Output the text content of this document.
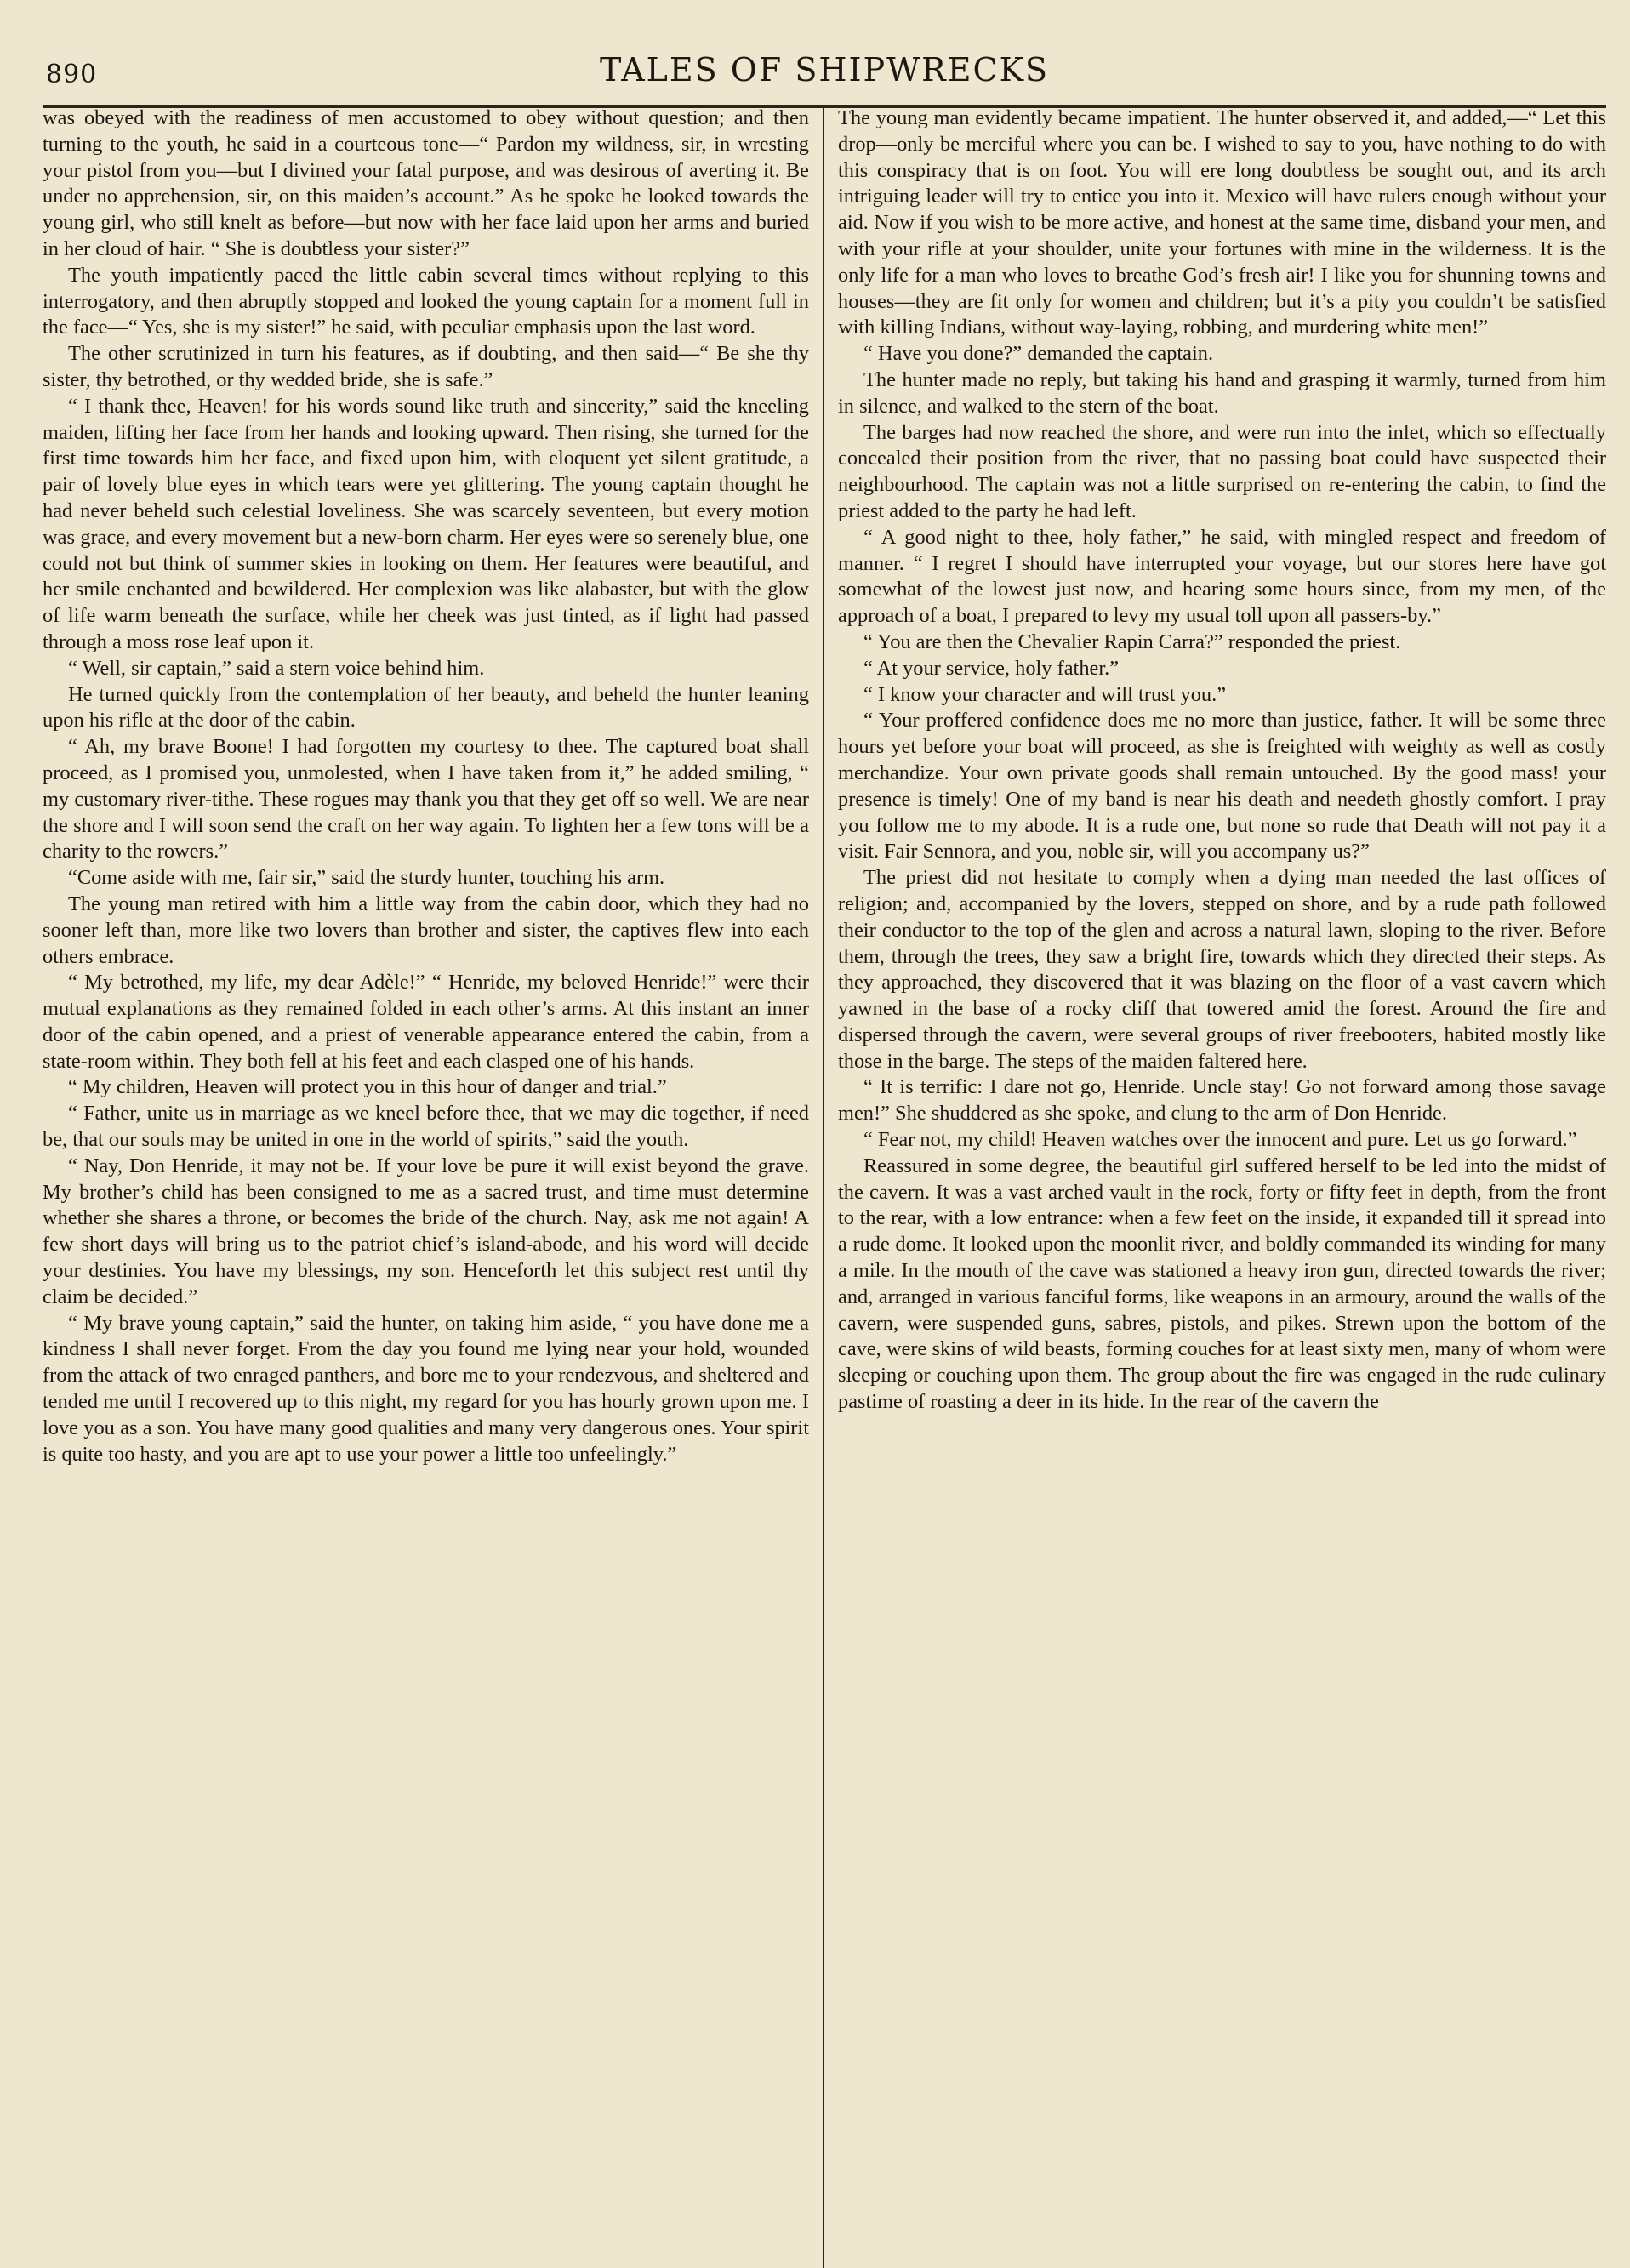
890	TALES OF SHIPWRECKS

was obeyed with the readiness of men accustomed to obey without question; and then turning to the youth, he said in a courteous tone—“ Pardon my wildness, sir, in wresting your pistol from you—but I divined your fatal purpose, and was desirous of averting it. Be under no apprehension, sir, on this maiden’s account.” As he spoke he looked towards the young girl, who still knelt as before—but now with her face laid upon her arms and buried in her cloud of hair. “ She is doubtless your sister?”

The youth impatiently paced the little cabin several times without replying to this interrogatory, and then abruptly stopped and looked the young captain for a moment full in the face—“ Yes, she is my sister!” he said, with peculiar emphasis upon the last word.

The other scrutinized in turn his features, as if doubting, and then said—“ Be she thy sister, thy betrothed, or thy wedded bride, she is safe.”

“ I thank thee, Heaven! for his words sound like truth and sincerity,” said the kneeling maiden, lifting her face from her hands and looking upward. Then rising, she turned for the first time towards him her face, and fixed upon him, with eloquent yet silent gratitude, a pair of lovely blue eyes in which tears were yet glittering. The young captain thought he had never beheld such celestial loveliness. She was scarcely seventeen, but every motion was grace, and every movement but a new-born charm. Her eyes were so serenely blue, one could not but think of summer skies in looking on them. Her features were beautiful, and her smile enchanted and bewildered. Her complexion was like alabaster, but with the glow of life warm beneath the surface, while her cheek was just tinted, as if light had passed through a moss rose leaf upon it.

“ Well, sir captain,” said a stern voice behind him.

He turned quickly from the contemplation of her beauty, and beheld the hunter leaning upon his rifle at the door of the cabin.

“ Ah, my brave Boone! I had forgotten my courtesy to thee. The captured boat shall proceed, as I promised you, unmolested, when I have taken from it,” he added smiling, “ my customary river-tithe. These rogues may thank you that they get off so well. We are near the shore and I will soon send the craft on her way again. To lighten her a few tons will be a charity to the rowers.”

“Come aside with me, fair sir,” said the sturdy hunter, touching his arm.

The young man retired with him a little way from the cabin door, which they had no sooner left than, more like two lovers than brother and sister, the captives flew into each others embrace.

“ My betrothed, my life, my dear Adèle!” “ Henride, my beloved Henride!” were their mutual explanations as they remained folded in each other’s arms. At this instant an inner door of the cabin opened, and a priest of venerable appearance entered the cabin, from a state-room within. They both fell at his feet and each clasped one of his hands.

“ My children, Heaven will protect you in this hour of danger and trial.”

“ Father, unite us in marriage as we kneel before thee, that we may die together, if need be, that our souls may be united in one in the world of spirits,” said the youth.

“ Nay, Don Henride, it may not be. If your love be pure it will exist beyond the grave. My brother’s child has been consigned to me as a sacred trust, and time must determine whether she shares a throne, or becomes the bride of the church. Nay, ask me not again! A few short days will bring us to the patriot chief’s island-abode, and his word will decide your destinies. You have my blessings, my son. Henceforth let this subject rest until thy claim be decided.”

“ My brave young captain,” said the hunter, on taking him aside, “ you have done me a kindness I shall never forget. From the day you found me lying near your hold, wounded from the attack of two enraged panthers, and bore me to your rendezvous, and sheltered and tended me until I recovered up to this night, my regard for you has hourly grown upon me. I love you as a son. You have many good qualities and many very dangerous ones. Your spirit is quite too hasty, and you are apt to use your power a little too unfeelingly.”

The young man evidently became impatient. The hunter observed it, and added,—“ Let this drop—only be merciful where you can be. I wished to say to you, have nothing to do with this conspiracy that is on foot. You will ere long doubtless be sought out, and its arch intriguing leader will try to entice you into it. Mexico will have rulers enough without your aid. Now if you wish to be more active, and honest at the same time, disband your men, and with your rifle at your shoulder, unite your fortunes with mine in the wilderness. It is the only life for a man who loves to breathe God’s fresh air! I like you for shunning towns and houses—they are fit only for women and children; but it’s a pity you couldn’t be satisfied with killing Indians, without way-laying, robbing, and murdering white men!”

“ Have you done?” demanded the captain.

The hunter made no reply, but taking his hand and grasping it warmly, turned from him in silence, and walked to the stern of the boat.

The barges had now reached the shore, and were run into the inlet, which so effectually concealed their position from the river, that no passing boat could have suspected their neighbourhood. The captain was not a little surprised on re-entering the cabin, to find the priest added to the party he had left.

“ A good night to thee, holy father,” he said, with mingled respect and freedom of manner. “ I regret I should have interrupted your voyage, but our stores here have got somewhat of the lowest just now, and hearing some hours since, from my men, of the approach of a boat, I prepared to levy my usual toll upon all passers-by.”

“ You are then the Chevalier Rapin Carra?” responded the priest.

“ At your service, holy father.”

“ I know your character and will trust you.”

“ Your proffered confidence does me no more than justice, father. It will be some three hours yet before your boat will proceed, as she is freighted with weighty as well as costly merchandize. Your own private goods shall remain untouched. By the good mass! your presence is timely! One of my band is near his death and needeth ghostly comfort. I pray you follow me to my abode. It is a rude one, but none so rude that Death will not pay it a visit. Fair Sennora, and you, noble sir, will you accompany us?”

The priest did not hesitate to comply when a dying man needed the last offices of religion; and, accompanied by the lovers, stepped on shore, and by a rude path followed their conductor to the top of the glen and across a natural lawn, sloping to the river. Before them, through the trees, they saw a bright fire, towards which they directed their steps. As they approached, they discovered that it was blazing on the floor of a vast cavern which yawned in the base of a rocky cliff that towered amid the forest. Around the fire and dispersed through the cavern, were several groups of river freebooters, habited mostly like those in the barge. The steps of the maiden faltered here.

“ It is terrific: I dare not go, Henride. Uncle stay! Go not forward among those savage men!” She shuddered as she spoke, and clung to the arm of Don Henride.

“ Fear not, my child! Heaven watches over the innocent and pure. Let us go forward.”

Reassured in some degree, the beautiful girl suffered herself to be led into the midst of the cavern. It was a vast arched vault in the rock, forty or fifty feet in depth, from the front to the rear, with a low entrance: when a few feet on the inside, it expanded till it spread into a rude dome. It looked upon the moonlit river, and boldly commanded its winding for many a mile. In the mouth of the cave was stationed a heavy iron gun, directed towards the river; and, arranged in various fanciful forms, like weapons in an armoury, around the walls of the cavern, were suspended guns, sabres, pistols, and pikes. Strewn upon the bottom of the cave, were skins of wild beasts, forming couches for at least sixty men, many of whom were sleeping or couching upon them. The group about the fire was engaged in the rude culinary pastime of roasting a deer in its hide. In the rear of the cavern the
